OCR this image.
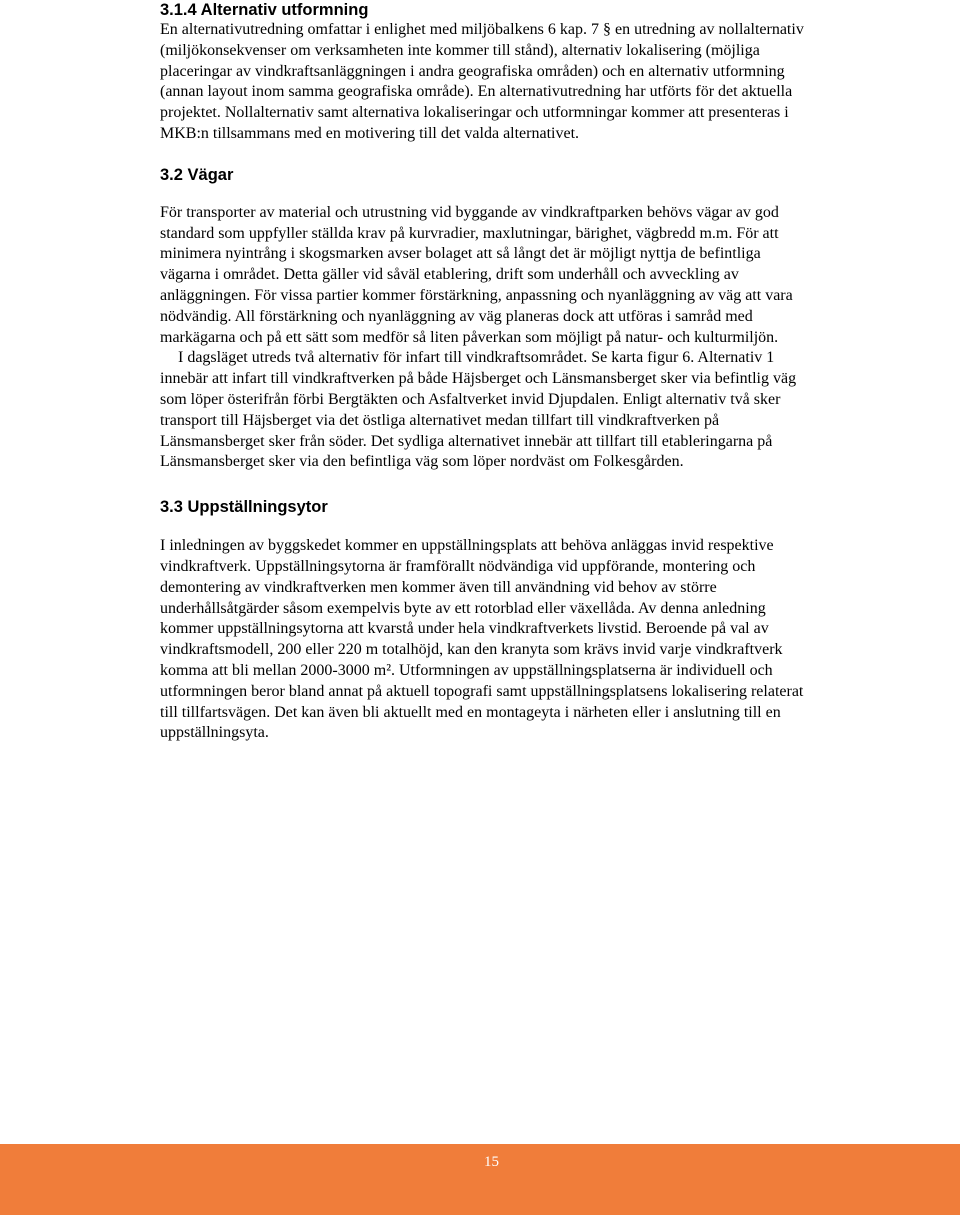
3.1.4 Alternativ utformning

En alternativutredning omfattar i enlighet med miljöbalkens 6 kap. 7 § en utredning av nollalternativ (miljökonsekvenser om verksamheten inte kommer till stånd), alternativ lokalisering (möjliga placeringar av vindkraftsanläggningen i andra geografiska områden) och en alternativ utformning (annan layout inom samma geografiska område). En alternativutredning har utförts för det aktuella projektet. Nollalternativ samt alternativa lokaliseringar och utformningar kommer att presenteras i MKB:n tillsammans med en motivering till det valda alternativet.

3.2 Vägar

För transporter av material och utrustning vid byggande av vindkraftparken behövs vägar av god standard som uppfyller ställda krav på kurvradier, maxlutningar, bärighet, vägbredd m.m. För att minimera nyintrång i skogsmarken avser bolaget att så långt det är möjligt nyttja de befintliga vägarna i området. Detta gäller vid såväl etablering, drift som underhåll och avveckling av anläggningen. För vissa partier kommer förstärkning, anpassning och nyanläggning av väg att vara nödvändig. All förstärkning och nyanläggning av väg planeras dock att utföras i samråd med markägarna och på ett sätt som medför så liten påverkan som möjligt på natur- och kulturmiljön.

I dagsläget utreds två alternativ för infart till vindkraftsområdet. Se karta figur 6. Alternativ 1 innebär att infart till vindkraftverken på både Häjsberget och Länsmansberget sker via befintlig väg som löper österifrån förbi Bergtäkten och Asfaltverket invid Djupdalen. Enligt alternativ två sker transport till Häjsberget via det östliga alternativet medan tillfart till vindkraftverken på Länsmansberget sker från söder. Det sydliga alternativet innebär att tillfart till etableringarna på Länsmansberget sker via den befintliga väg som löper nordväst om Folkesgården.

3.3 Uppställningsytor

I inledningen av byggskedet kommer en uppställningsplats att behöva anläggas invid respektive vindkraftverk. Uppställningsytorna är framförallt nödvändiga vid uppförande, montering och demontering av vindkraftverken men kommer även till användning vid behov av större underhållsåtgärder såsom exempelvis byte av ett rotorblad eller växellåda. Av denna anledning kommer uppställningsytorna att kvarstå under hela vindkraftverkets livstid. Beroende på val av vindkraftsmodell, 200 eller 220 m totalhöjd, kan den kranyta som krävs invid varje vindkraftverk komma att bli mellan 2000-3000 m². Utformningen av uppställningsplatserna är individuell och utformningen beror bland annat på aktuell topografi samt uppställningsplatsens lokalisering relaterat till tillfartsvägen. Det kan även bli aktuellt med en montageyta i närheten eller i anslutning till en uppställningsyta.

15
